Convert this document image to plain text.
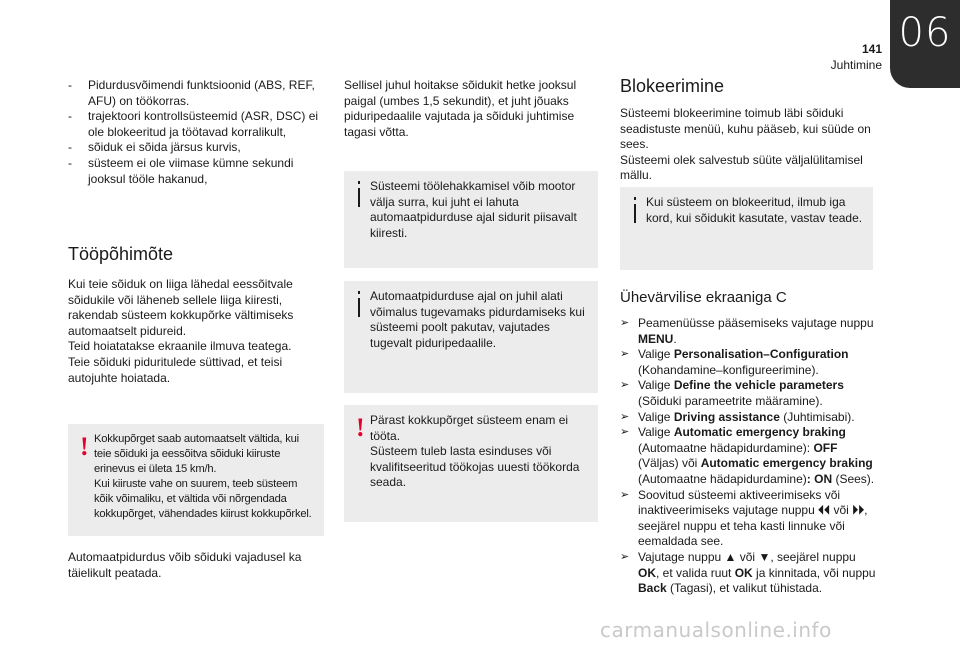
06
141
Juhtimine
- Pidurdusvõimendi funktsioonid (ABS, REF, AFU) on töökorras.
- trajektoori kontrollsüsteemid (ASR, DSC) ei ole blokeeritud ja töötavad korralikult,
- sõiduk ei sõida järsus kurvis,
- süsteem ei ole viimase kümne sekundi jooksul tööle hakanud,
Tööpõhimõte
Kui teie sõiduk on liiga lähedal eessõitvale sõidukile või läheneb sellele liiga kiiresti, rakendab süsteem kokkupõrke vältimiseks automaatselt pidureid.
Teid hoiatatakse ekraanile ilmuva teatega.
Teie sõiduki piduritulede süttivad, et teisi autojuhte hoiatada.
! Kokkupõrget saab automaatselt vältida, kui teie sõiduki ja eessõitva sõiduki kiiruste erinevus ei ületa 15 km/h.
Kui kiiruste vahe on suurem, teeb süsteem kõik võimaliku, et vältida või nõrgendada kokkupõrget, vähendades kiirust kokkupõrkel.
Automaatpidurdus võib sõiduki vajadusel ka täielikult peatada.
Sellisel juhul hoitakse sõidukit hetke jooksul paigal (umbes 1,5 sekundit), et juht jõuaks piduripedaalile vajutada ja sõiduki juhtimise tagasi võtta.
Süsteemi töölehakkamisel võib mootor välja surra, kui juht ei lahuta automaatpidurduse ajal sidurit piisavalt kiiresti.
Automaatpidurduse ajal on juhil alati võimalus tugevamaks pidurdamiseks kui süsteemi poolt pakutav, vajutades tugevalt piduripedaalile.
! Pärast kokkupõrget süsteem enam ei tööta.
Süsteem tuleb lasta esinduses või kvalifitseeritud töökojas uuesti töökorda seada.
Blokeerimine
Süsteemi blokeerimine toimub läbi sõiduki seadistuste menüü, kuhu pääseb, kui süüde on sees.
Süsteemi olek salvestub süüte väljalülitamisel mällu.
Kui süsteem on blokeeritud, ilmub iga kord, kui sõidukit kasutate, vastav teade.
Ühevärvilise ekraaniga C
➢ Peamenüüsse pääsemiseks vajutage nuppu MENU.
➢ Valige Personalisation–Configuration (Kohandamine–konfigureerimine).
➢ Valige Define the vehicle parameters (Sõiduki parameetrite määramine).
➢ Valige Driving assistance (Juhtimisabi).
➢ Valige Automatic emergency braking (Automaatne hädapidurdamine): OFF (Väljas) või Automatic emergency braking (Automaatne hädapidurdamine): ON (Sees).
➢ Soovitud süsteemi aktiveerimiseks või inaktiveerimiseks vajutage nuppu ⏴⏴ või ⏵⏵, seejärel nuppu et teha kasti linnuke või eemaldada see.
➢ Vajutage nuppu ▲ või ▼, seejärel nuppu OK, et valida ruut OK ja kinnitada, või nuppu Back (Tagasi), et valikut tühistada.
carmanualsonline.info
